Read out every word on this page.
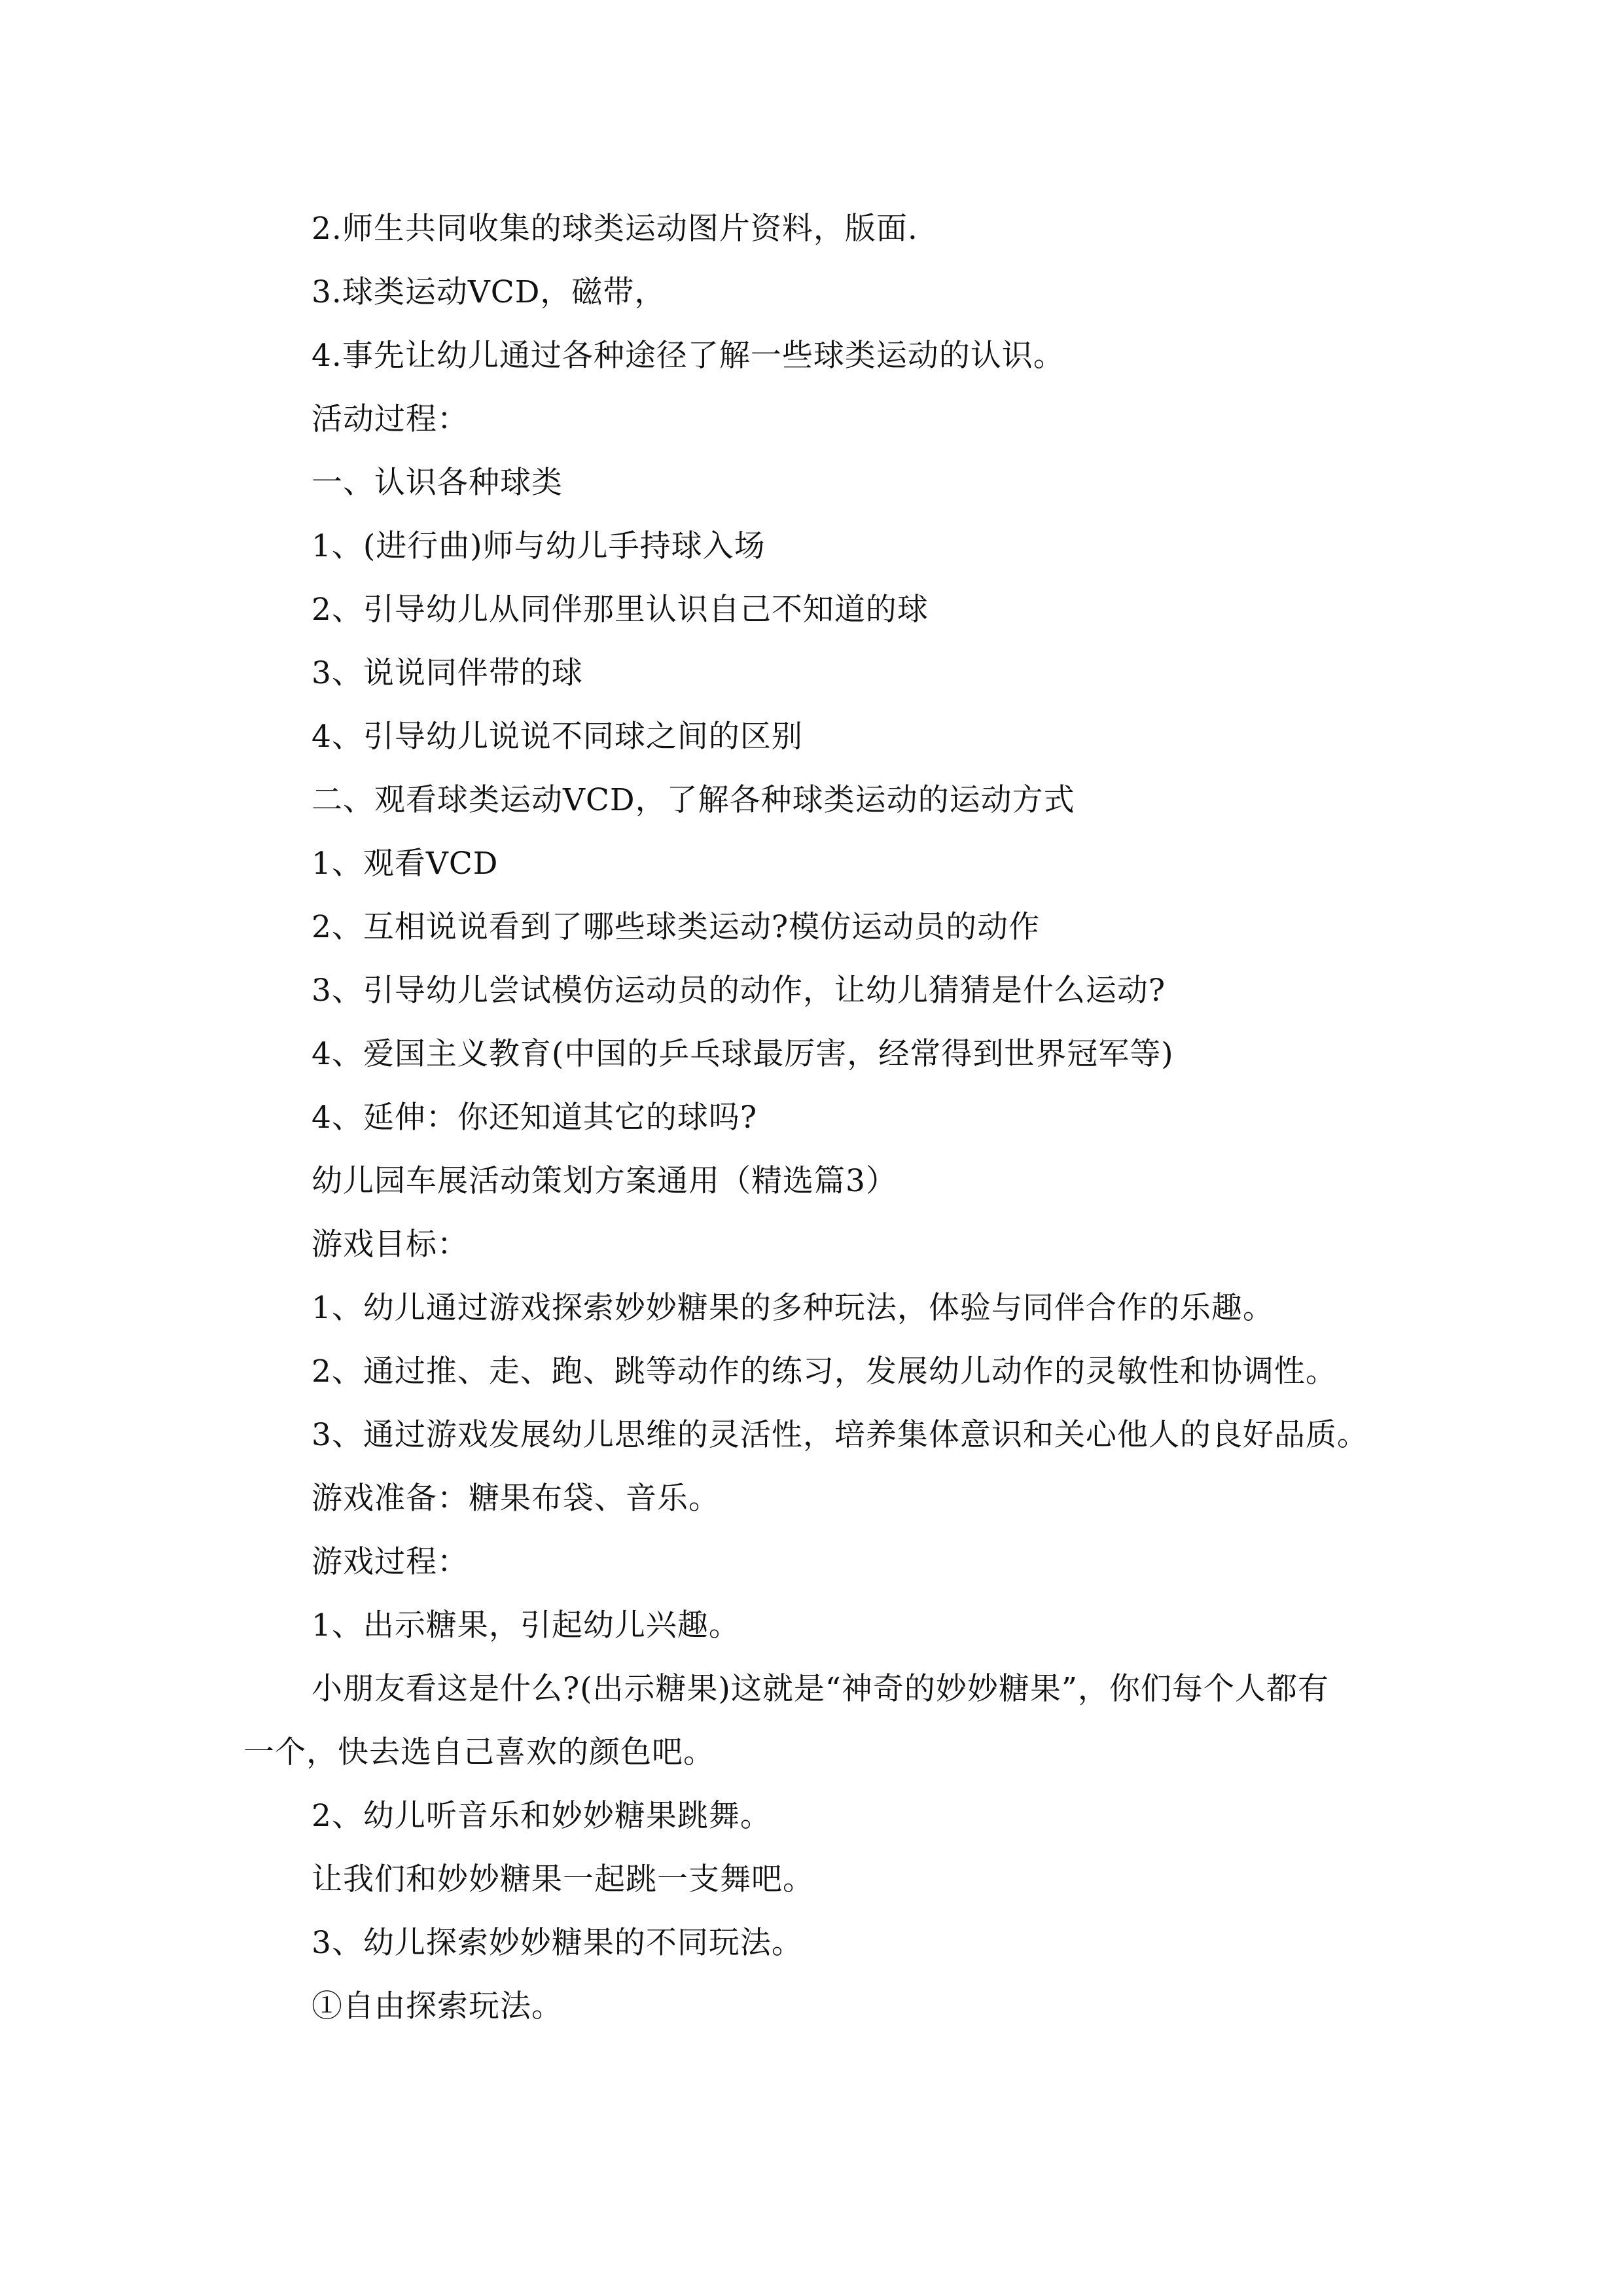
2.师生共同收集的球类运动图片资料，版面.
3.球类运动VCD，磁带，
4.事先让幼儿通过各种途径了解一些球类运动的认识。
活动过程：
一、认识各种球类
1、(进行曲)师与幼儿手持球入场
2、引导幼儿从同伴那里认识自己不知道的球
3、说说同伴带的球
4、引导幼儿说说不同球之间的区别
二、观看球类运动VCD，了解各种球类运动的运动方式
1、观看VCD
2、互相说说看到了哪些球类运动?模仿运动员的动作
3、引导幼儿尝试模仿运动员的动作，让幼儿猜猜是什么运动?
4、爱国主义教育(中国的乒乓球最厉害，经常得到世界冠军等)
4、延伸：你还知道其它的球吗?
幼儿园车展活动策划方案通用（精选篇3）
游戏目标：
1、幼儿通过游戏探索妙妙糖果的多种玩法，体验与同伴合作的乐趣。
2、通过推、走、跑、跳等动作的练习，发展幼儿动作的灵敏性和协调性。
3、通过游戏发展幼儿思维的灵活性，培养集体意识和关心他人的良好品质。
游戏准备：糖果布袋、音乐。
游戏过程：
1、出示糖果，引起幼儿兴趣。
小朋友看这是什么?(出示糖果)这就是“神奇的妙妙糖果”，你们每个人都有
一个，快去选自己喜欢的颜色吧。
2、幼儿听音乐和妙妙糖果跳舞。
让我们和妙妙糖果一起跳一支舞吧。
3、幼儿探索妙妙糖果的不同玩法。
①自由探索玩法。
